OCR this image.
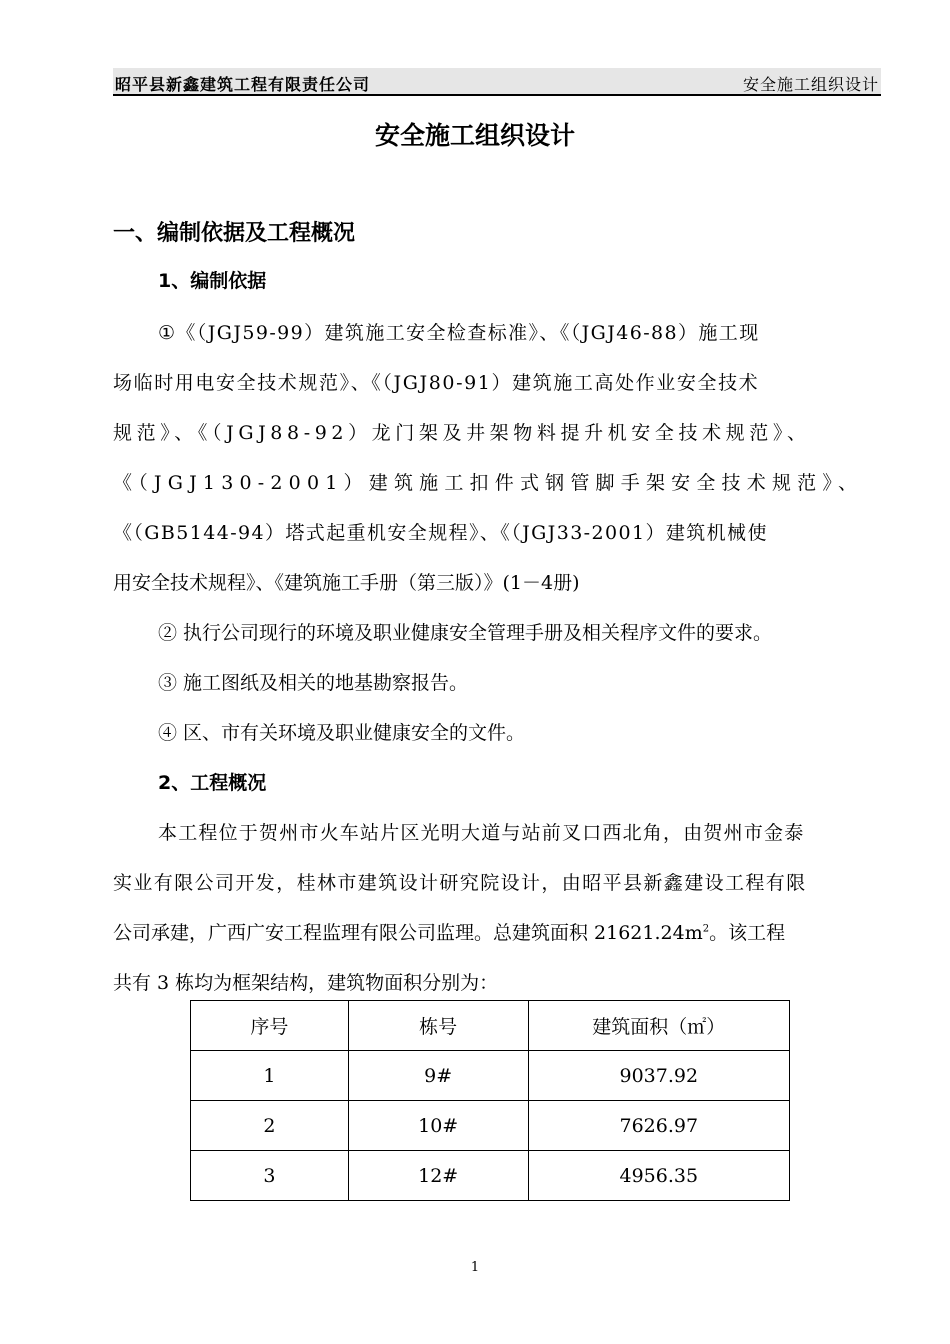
昭平县新鑫建筑工程有限责任公司	安全施工组织设计
安全施工组织设计
一、编制依据及工程概况
1、编制依据
①《（JGJ59-99）建筑施工安全检查标准》、《（JGJ46-88）施工现
场临时用电安全技术规范》、《（JGJ80-91）建筑施工高处作业安全技术
规范》、《（JGJ88-92）龙门架及井架物料提升机安全技术规范》、
《（JGJ130-2001）建筑施工扣件式钢管脚手架安全技术规范》、
《（GB5144-94）塔式起重机安全规程》、《（JGJ33-2001）建筑机械使
用安全技术规程》、《建筑施工手册（第三版）》(1－4册)
② 执行公司现行的环境及职业健康安全管理手册及相关程序文件的要求。
③ 施工图纸及相关的地基勘察报告。
④ 区、市有关环境及职业健康安全的文件。
2、工程概况
本工程位于贺州市火车站片区光明大道与站前叉口西北角，由贺州市金泰
实业有限公司开发，桂林市建筑设计研究院设计，由昭平县新鑫建设工程有限
公司承建，广西广安工程监理有限公司监理。总建筑面积 $21621.24m^2$。该工程
共有 3 栋均为框架结构，建筑物面积分别为：
序号	栋号	建筑面积（㎡）
1	9#	9037.92
2	10#	7626.97
3	12#	4956.35
1
